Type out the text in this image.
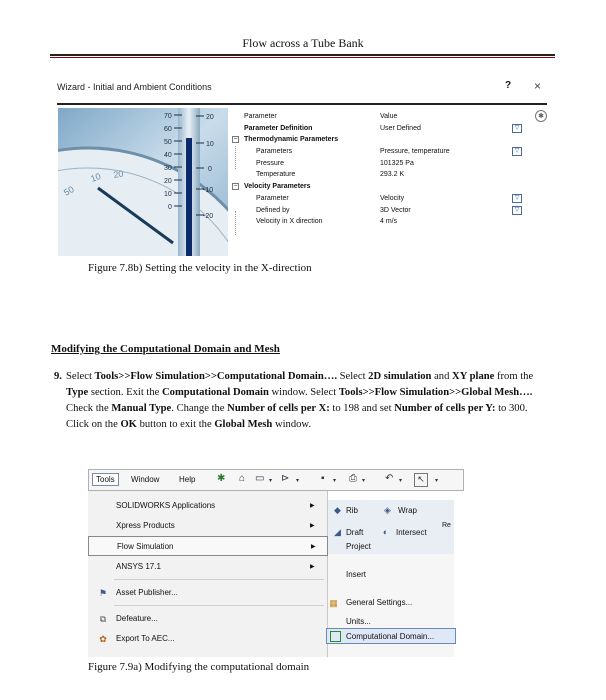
Flow across a Tube Bank
Wizard - Initial and Ambient Conditions	? ×
50
10 20
70
60
50
40
30
20
10
0
20
10
0
-10
-20
✱
Parameter	Value
Parameter Definition	User Defined	▽
− Thermodynamic Parameters
Parameters	Pressure, temperature	▽
Pressure	101325 Pa
Temperature	293.2 K
− Velocity Parameters
Parameter	Velocity	▽
Defined by	3D Vector	▽
Velocity in X direction	4 m/s
Figure 7.8b) Setting the velocity in the X-direction
Modifying the Computational Domain and Mesh
9. Select Tools>>Flow Simulation>>Computational Domain…. Select 2D simulation and XY plane from the Type section. Exit the Computational Domain window. Select Tools>>Flow Simulation>>Global Mesh…. Check the Manual Type. Change the Number of cells per X: to 198 and set Number of cells per Y: to 300. Click on the OK button to exit the Global Mesh window.
Tools	Window Help ✱ ⌂ ▭ ▾ ⊳ ▾ ▪ ▾ ⎙ ▾ ↶ ▾	↖	▾
SOLIDWORKS Applications	▶
Xpress Products	▶
Flow Simulation	▶
ANSYS 17.1	▶
⚑ Asset Publisher...
⧉	Defeature...
✿ Export To AEC...
◆ Rib	◈ Wrap
◢ Draft	◐ Intersect
Re
Project
Insert
▦ General Settings...
Units...
Computational Domain...
Figure 7.9a) Modifying the computational domain
